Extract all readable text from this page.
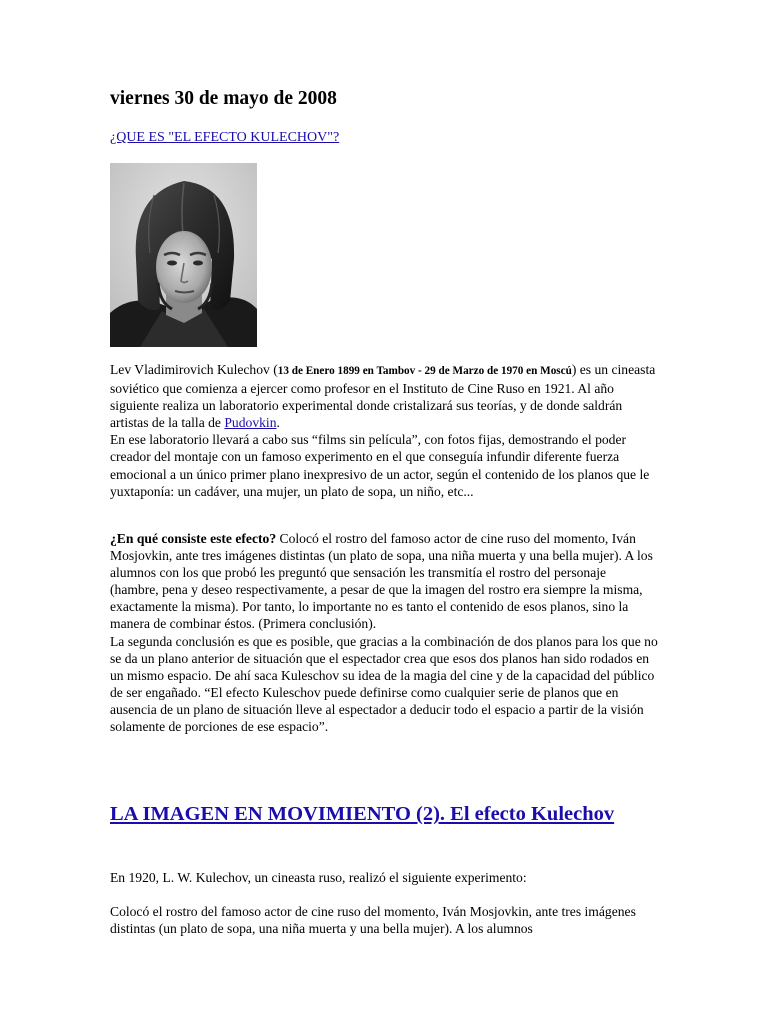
viernes 30 de mayo de 2008
¿QUE ES "EL EFECTO KULECHOV"?

Lev Vladimirovich Kulechov (13 de Enero 1899 en Tambov - 29 de Marzo de 1970 en Moscú) es un cineasta soviético que comienza a ejercer como profesor en el Instituto de Cine Ruso en 1921. Al año siguiente realiza un laboratorio experimental donde cristalizará sus teorías, y de donde saldrán artistas de la talla de Pudovkin.
En ese laboratorio llevará a cabo sus “films sin película”, con fotos fijas, demostrando el poder creador del montaje con un famoso experimento en el que conseguía infundir diferente fuerza emocional a un único primer plano inexpresivo de un actor, según el contenido de los planos que le yuxtaponía: un cadáver, una mujer, un plato de sopa, un niño, etc...

¿En qué consiste este efecto? Colocó el rostro del famoso actor de cine ruso del momento, Iván Mosjovkin, ante tres imágenes distintas (un plato de sopa, una niña muerta y una bella mujer). A los alumnos con los que probó les preguntó que sensación les transmitía el rostro del personaje (hambre, pena y deseo respectivamente, a pesar de que la imagen del rostro era siempre la misma, exactamente la misma). Por tanto, lo importante no es tanto el contenido de esos planos, sino la manera de combinar éstos. (Primera conclusión).
La segunda conclusión es que es posible, que gracias a la combinación de dos planos para los que no se da un plano anterior de situación que el espectador crea que esos dos planos han sido rodados en un mismo espacio. De ahí saca Kuleschov su idea de la magia del cine y de la capacidad del público de ser engañado. “El efecto Kuleschov puede definirse como cualquier serie de planos que en ausencia de un plano de situación lleve al espectador a deducir todo el espacio a partir de la visión solamente de porciones de ese espacio”.

LA IMAGEN EN MOVIMIENTO (2). El efecto Kulechov

En 1920, L. W. Kulechov, un cineasta ruso, realizó el siguiente experimento:

Colocó el rostro del famoso actor de cine ruso del momento, Iván Mosjovkin, ante tres imágenes distintas (un plato de sopa, una niña muerta y una bella mujer). A los alumnos
